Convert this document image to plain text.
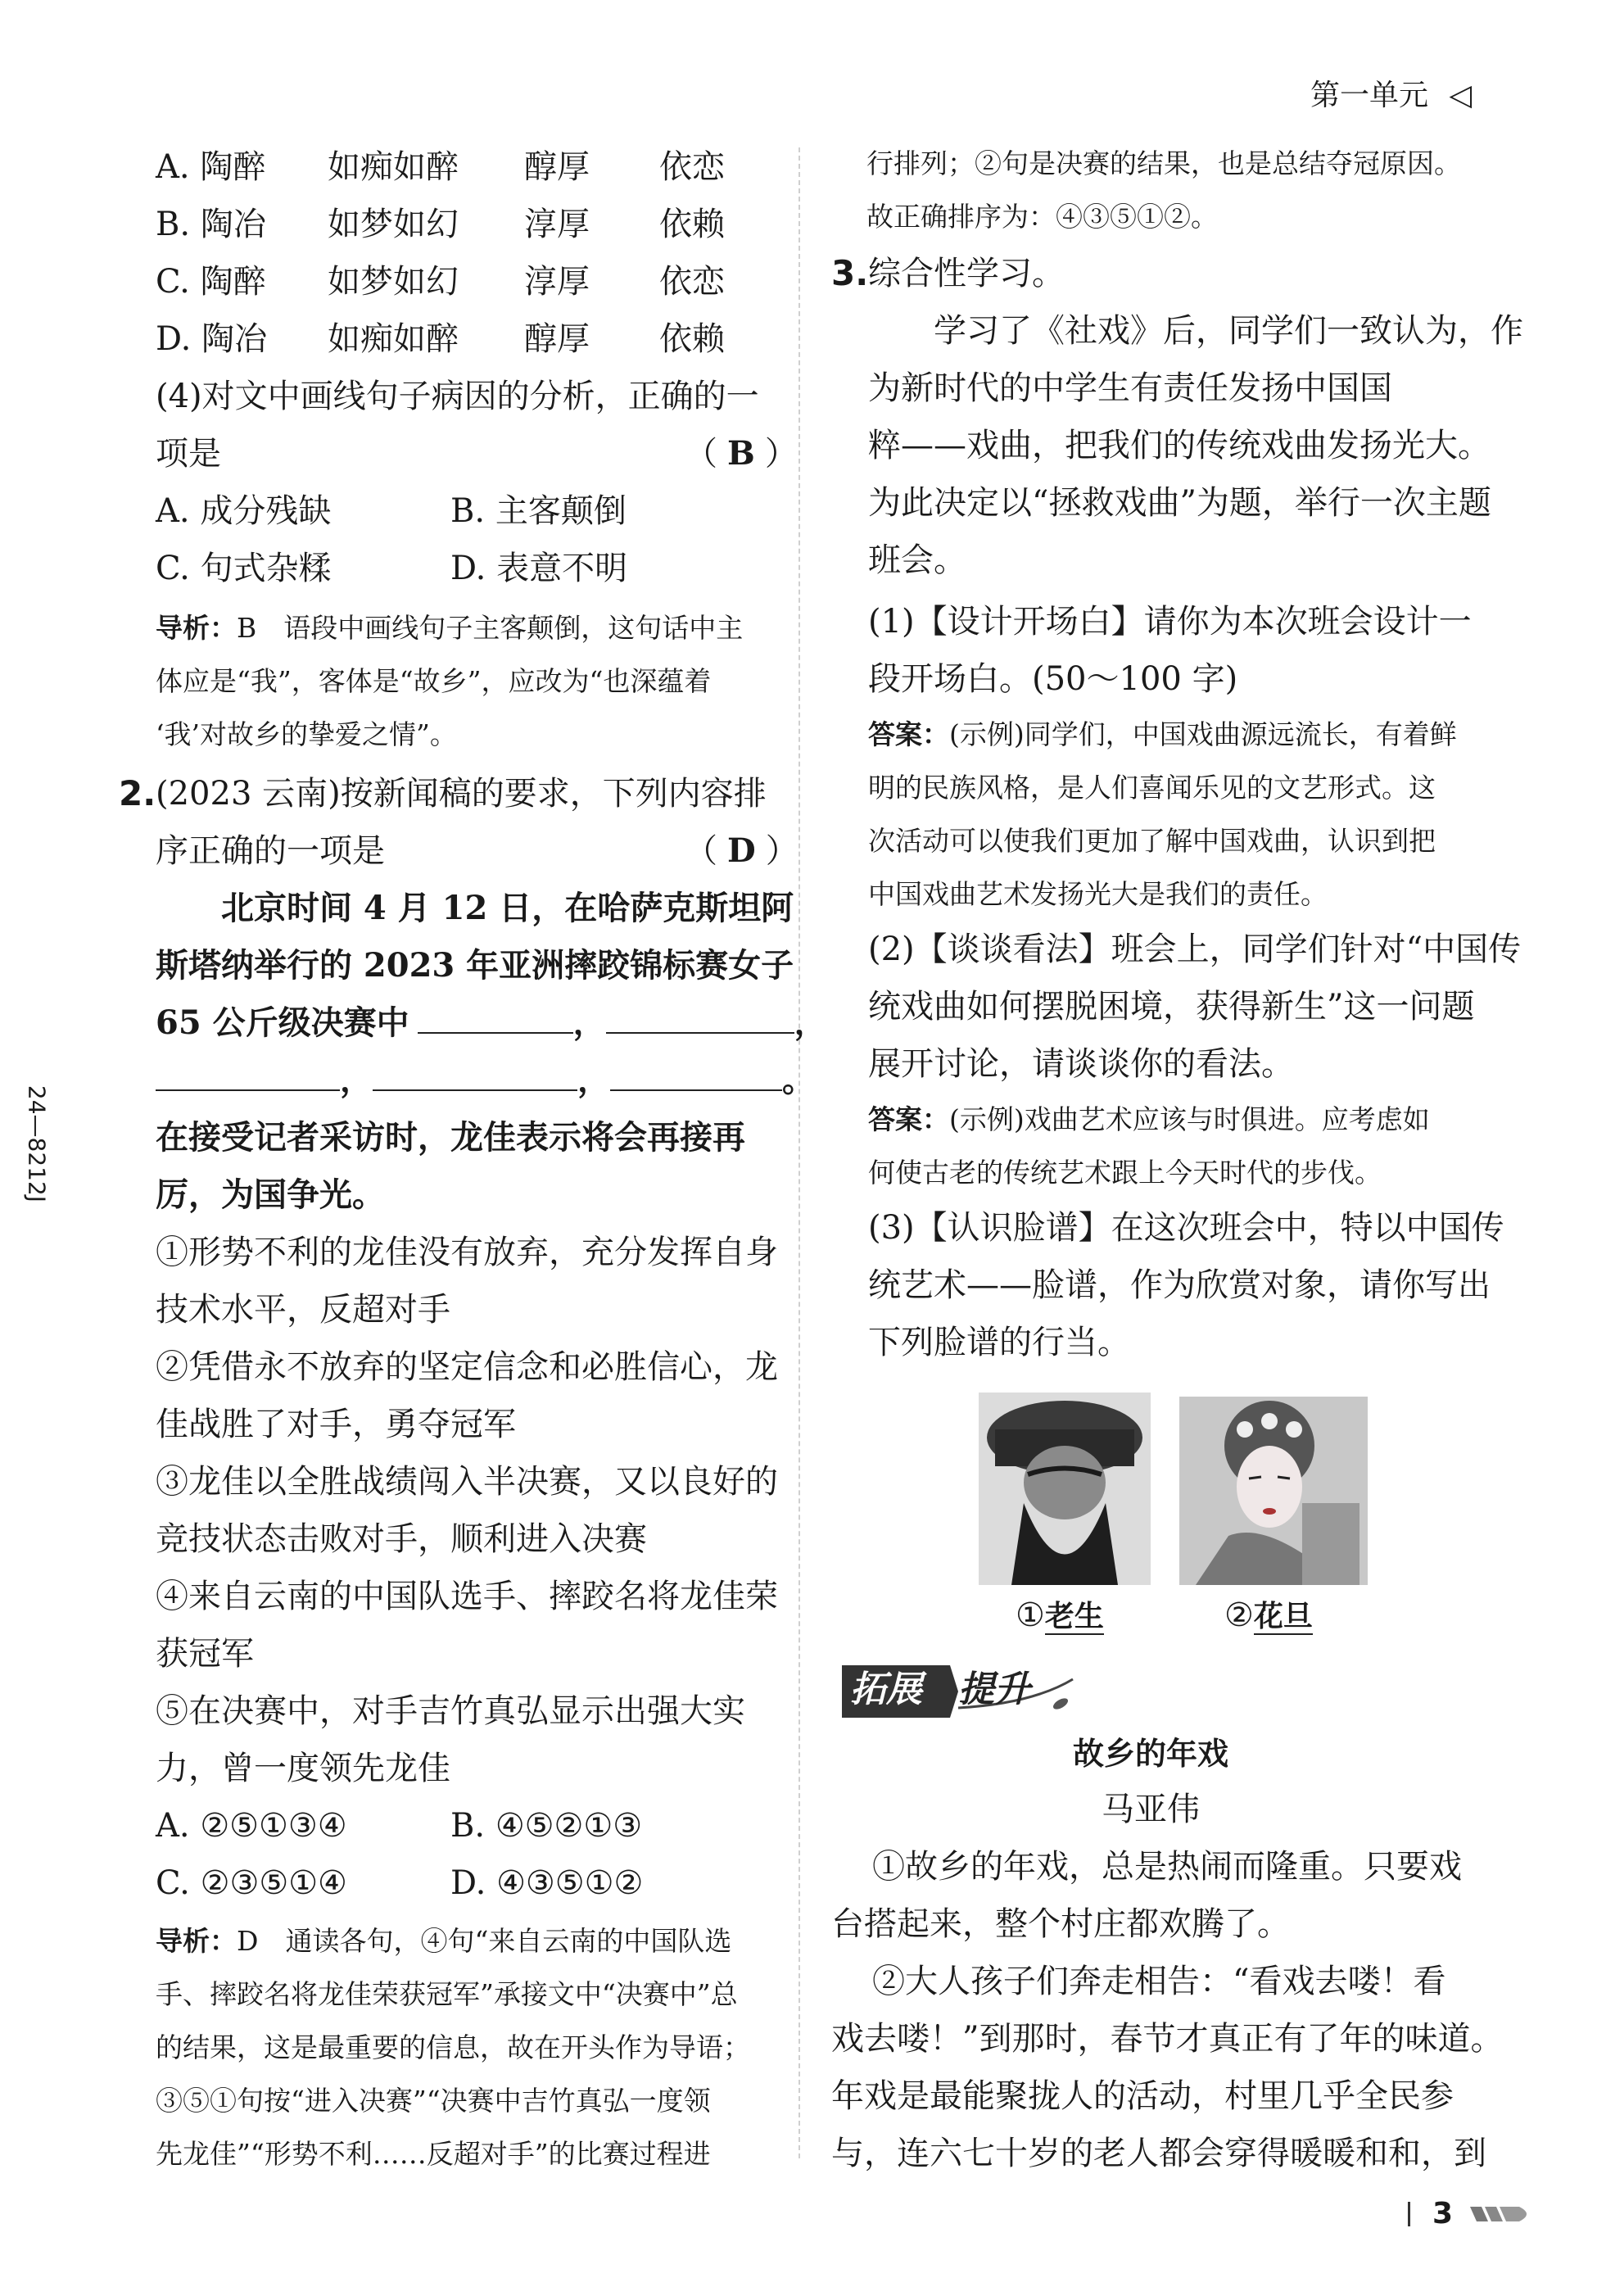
第一单元 ◁
24—8212J
A. 陶醉 如痴如醉 醇厚 依恋
B. 陶冶 如梦如幻 淳厚 依赖
C. 陶醉 如梦如幻 淳厚 依恋
D. 陶冶 如痴如醉 醇厚 依赖
(4)对文中画线句子病因的分析，正确的一
项是	（ B ）
A. 成分残缺	B. 主客颠倒
C. 句式杂糅	D. 表意不明
导析：B　语段中画线句子主客颠倒，这句话中主
体应是“我”，客体是“故乡”，应改为“也深蕴着
‘我’对故乡的挚爱之情”。
2. (2023 云南)按新闻稿的要求，下列内容排
序正确的一项是	（ D ）
北京时间 4 月 12 日，在哈萨克斯坦阿
斯塔纳举行的 2023 年亚洲摔跤锦标赛女子
65 公斤级决赛中	，	，
，	，	。
在接受记者采访时，龙佳表示将会再接再
厉，为国争光。
①形势不利的龙佳没有放弃，充分发挥自身
技术水平，反超对手
②凭借永不放弃的坚定信念和必胜信心，龙
佳战胜了对手，勇夺冠军
③龙佳以全胜战绩闯入半决赛，又以良好的
竞技状态击败对手，顺利进入决赛
④来自云南的中国队选手、摔跤名将龙佳荣
获冠军
⑤在决赛中，对手吉竹真弘显示出强大实
力，曾一度领先龙佳
A. ②⑤①③④	B. ④⑤②①③
C. ②③⑤①④	D. ④③⑤①②
导析：D　通读各句，④句“来自云南的中国队选
手、摔跤名将龙佳荣获冠军”承接文中“决赛中”总
的结果，这是最重要的信息，故在开头作为导语；
③⑤①句按“进入决赛”“决赛中吉竹真弘一度领
先龙佳”“形势不利……反超对手”的比赛过程进
行排列；②句是决赛的结果，也是总结夺冠原因。
故正确排序为：④③⑤①②。
3. 综合性学习。
学习了《社戏》后，同学们一致认为，作
为新时代的中学生有责任发扬中国国
粹——戏曲，把我们的传统戏曲发扬光大。
为此决定以“拯救戏曲”为题，举行一次主题
班会。
(1)【设计开场白】请你为本次班会设计一
段开场白。(50～100 字)
答案：(示例)同学们，中国戏曲源远流长，有着鲜
明的民族风格，是人们喜闻乐见的文艺形式。这
次活动可以使我们更加了解中国戏曲，认识到把
中国戏曲艺术发扬光大是我们的责任。
(2)【谈谈看法】班会上，同学们针对“中国传
统戏曲如何摆脱困境，获得新生”这一问题
展开讨论，请谈谈你的看法。
答案：(示例)戏曲艺术应该与时俱进。应考虑如
何使古老的传统艺术跟上今天时代的步伐。
(3)【认识脸谱】在这次班会中，特以中国传
统艺术——脸谱，作为欣赏对象，请你写出
下列脸谱的行当。
①老生	②花旦
拓展 提升
故乡的年戏
马亚伟
①故乡的年戏，总是热闹而隆重。只要戏
台搭起来，整个村庄都欢腾了。
②大人孩子们奔走相告：“看戏去喽！看
戏去喽！”到那时，春节才真正有了年的味道。
年戏是最能聚拢人的活动，村里几乎全民参
与，连六七十岁的老人都会穿得暖暖和和，到
3
